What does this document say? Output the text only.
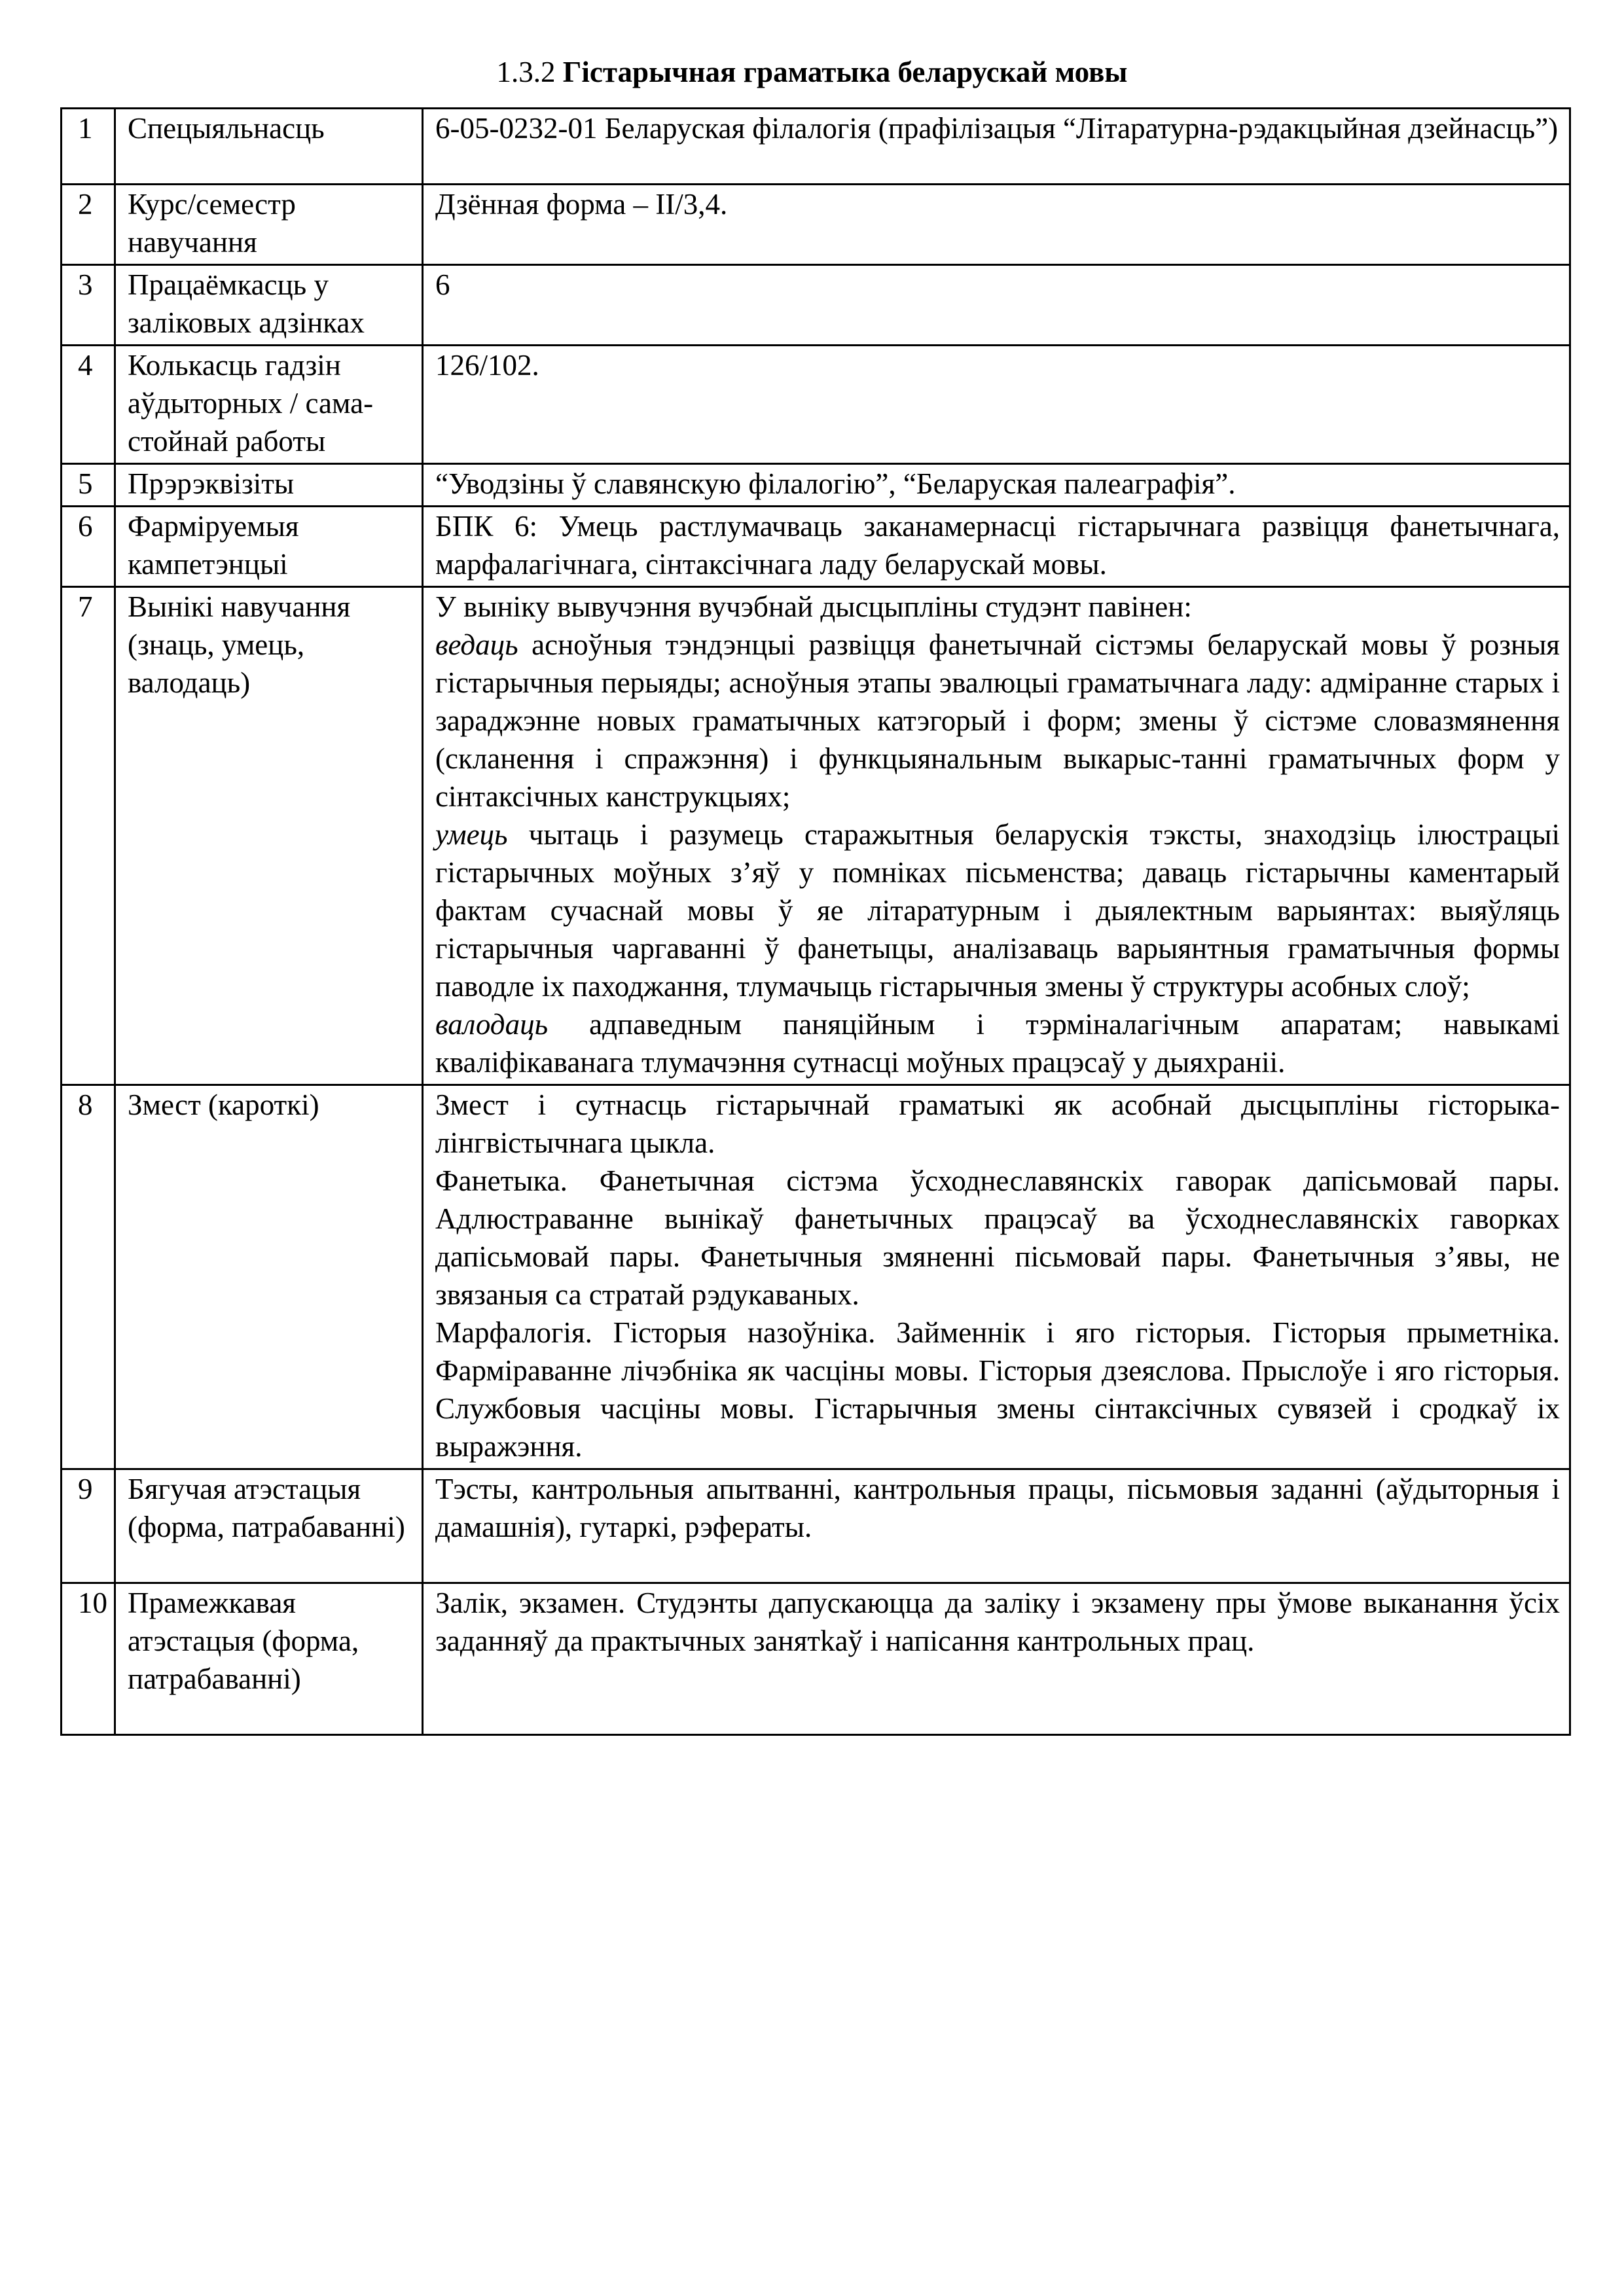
1.3.2 Гістарычная граматыка беларускай мовы
1	Спецыяльнасць	6-05-0232-01 Беларуская філалогія (прафілізацыя “Літаратурна-рэдакцыйная дзейнасць”)
2	Курс/семестр навучання	Дзённая форма – II/3,4.
3	Працаёмкасць у заліковых адзінках	6
4	Колькасць гадзін аўдыторных / сама-стойнай работы	126/102.
5	Прэрэквізіты	“Уводзіны ў славянскую філалогію”, “Беларуская палеаграфія”.
6	Фарміруемыя кампетэнцыі	БПК 6: Умець растлумачваць заканамернасці гістарычнага развіцця фанетычнага, марфалагічнага, сінтаксічнага ладу беларускай мовы.
7	Вынікі навучання (знаць, умець, валодаць)	У выніку вывучэння вучэбнай дысцыпліны студэнт павінен:
ведаць асноўныя тэндэнцыі развіцця фанетычнай сістэмы беларускай мовы ў розныя гістарычныя перыяды; асноўныя этапы эвалюцыі граматычнага ладу: адміранне старых і зараджэнне новых граматычных катэгорый і форм; змены ў сістэме словазмянення (скланення і спражэння) і функцыянальным выкарыс-танні граматычных форм у сінтаксічных канструкцыях;
умець чытаць і разумець старажытныя беларускія тэксты, знаходзіць ілюстрацыі гістарычных моўных з’яў у помніках пісьменства; даваць гістарычны каментарый фактам сучаснай мовы ў яе літаратурным і дыялектным варыянтах: выяўляць гістарычныя чаргаванні ў фанетыцы, аналізаваць варыянтныя граматычныя формы паводле іх паходжання, тлумачыць гістарычныя змены ў структуры асобных слоў;
валодаць адпаведным паняційным і тэрміналагічным апаратам; навыкамі кваліфікаванага тлумачэння сутнасці моўных працэсаў у дыяхраніі.

8	Змест (кароткі)	Змест і сутнасць гістарычнай граматыкі як асобнай дысцыпліны гісторыка-лінгвістычнага цыкла.
Фанетыка. Фанетычная сістэма ўсходнеславянскіх гаворак дапісьмовай пары. Адлюстраванне вынікаў фанетычных працэсаў ва ўсходнеславянскіх гаворках дапісьмовай пары. Фанетычныя змяненні пісьмовай пары. Фанетычныя з’явы, не звязаныя са стратай рэдукаваных.
Марфалогія. Гісторыя назоўніка. Займеннік і яго гісторыя. Гісторыя прыметніка. Фарміраванне лічэбніка як часціны мовы. Гісторыя дзеяслова. Прыслоўе і яго гісторыя. Службовыя часціны мовы. Гістарычныя змены сінтаксічных сувязей і сродкаў іх выражэння.

9	Бягучая атэстацыя (форма, патрабаванні)	Тэсты, кантрольныя апытванні, кантрольныя працы, пісьмовыя заданні (аўдыторныя і дамашнія), гутаркі, рэфераты.
10	Прамежкавая атэстацыя (форма, патрабаванні)	Залік, экзамен. Студэнты дапускаюцца да заліку і экзамену пры ўмове выканання ўсіх заданняў да практычных занятkaў і напісання кантрольных прац.
